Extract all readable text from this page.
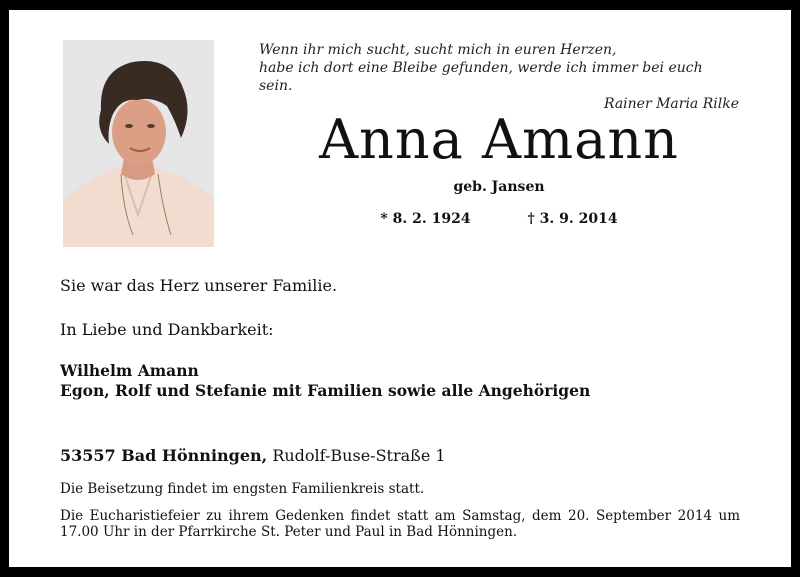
Wenn ihr mich sucht, sucht mich in euren Herzen,
habe ich dort eine Bleibe gefunden, werde ich immer bei euch sein.
Rainer Maria Rilke
Anna Amann
geb. Jansen
* 8. 2. 1924	† 3. 9. 2014
Sie war das Herz unserer Familie.
In Liebe und Dankbarkeit:
Wilhelm Amann
Egon, Rolf und Stefanie mit Familien sowie alle Angehörigen
53557 Bad Hönningen, Rudolf-Buse-Straße 1
Die Beisetzung findet im engsten Familienkreis statt.
Die Eucharistiefeier zu ihrem Gedenken findet statt am Samstag, dem 20. September 2014 um 17.00 Uhr in der Pfarrkirche St. Peter und Paul in Bad Hönningen.
